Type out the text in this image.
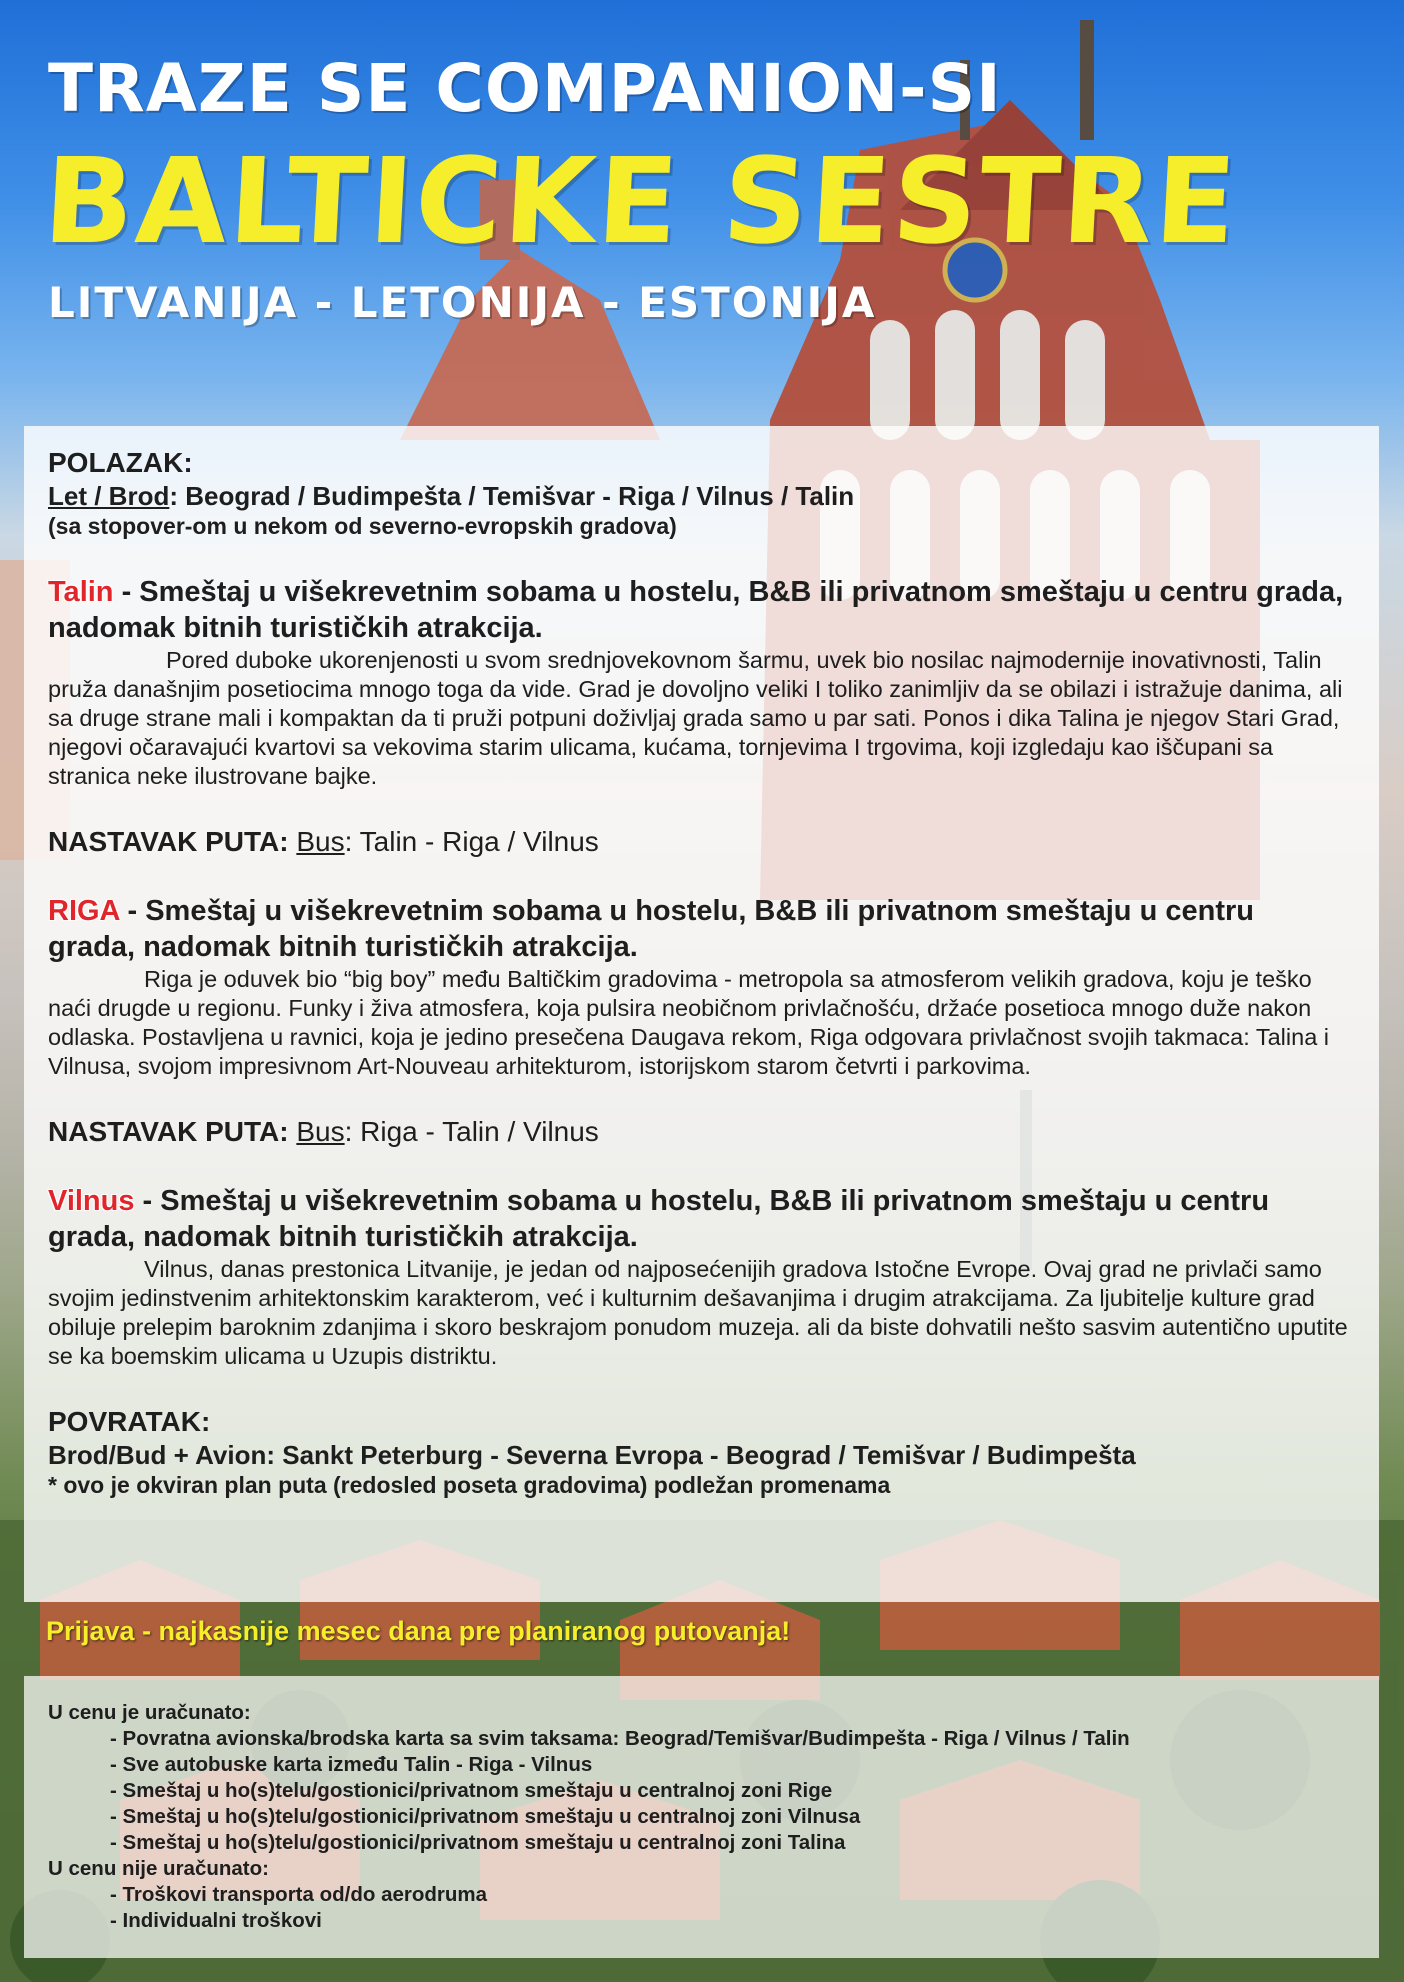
TRAZE SE COMPANION-SI
BALTICKE SESTRE
LITVANIJA - LETONIJA - ESTONIJA
POLAZAK:
Let / Brod: Beograd / Budimpešta / Temišvar - Riga / Vilnus / Talin
(sa stopover-om u nekom od severno-evropskih gradova)
Talin - Smeštaj u višekrevetnim sobama u hostelu, B&B ili privatnom smeštaju u centru grada, nadomak bitnih turističkih atrakcija.
Pored duboke ukorenjenosti u svom srednjovekovnom šarmu, uvek bio nosilac najmodernije inovativnosti, Talin pruža današnjim posetiocima mnogo toga da vide. Grad je dovoljno veliki I toliko zanimljiv da se obilazi i istražuje danima, ali sa druge strane mali i kompaktan da ti pruži potpuni doživljaj grada samo u par sati. Ponos i dika Talina je njegov Stari Grad, njegovi očaravajući kvartovi sa vekovima starim ulicama, kućama, tornjevima I trgovima, koji izgledaju kao iščupani sa stranica neke ilustrovane bajke.
NASTAVAK PUTA: Bus: Talin - Riga / Vilnus
RIGA - Smeštaj u višekrevetnim sobama u hostelu, B&B ili privatnom smeštaju u centru grada, nadomak bitnih turističkih atrakcija.
Riga je oduvek bio “big boy” među Baltičkim gradovima - metropola sa atmosferom velikih gradova, koju je teško naći drugde u regionu. Funky i živa atmosfera, koja pulsira neobičnom privlačnošću, držaće posetioca mnogo duže nakon odlaska. Postavljena u ravnici, koja je jedino presečena Daugava rekom, Riga odgovara privlačnost svojih takmaca: Talina i Vilnusa, svojom impresivnom Art-Nouveau arhitekturom, istorijskom starom četvrti i parkovima.
NASTAVAK PUTA: Bus: Riga - Talin / Vilnus
Vilnus - Smeštaj u višekrevetnim sobama u hostelu, B&B ili privatnom smeštaju u centru grada, nadomak bitnih turističkih atrakcija.
Vilnus, danas prestonica Litvanije, je jedan od najposećenijih gradova Istočne Evrope. Ovaj grad ne privlači samo svojim jedinstvenim arhitektonskim karakterom, već i kulturnim dešavanjima i drugim atrakcijama. Za ljubitelje kulture grad obiluje prelepim baroknim zdanjima i skoro beskrajom ponudom muzeja. ali da biste dohvatili nešto sasvim autentično uputite se ka boemskim ulicama u Uzupis distriktu.
POVRATAK:
Brod/Bud + Avion: Sankt Peterburg - Severna Evropa - Beograd / Temišvar / Budimpešta
* ovo je okviran plan puta (redosled poseta gradovima) podležan promenama
Prijava - najkasnije mesec dana pre planiranog putovanja!
U cenu je uračunato:
- Povratna avionska/brodska karta sa svim taksama: Beograd/Temišvar/Budimpešta - Riga / Vilnus / Talin
- Sve autobuske karta između Talin - Riga - Vilnus
- Smeštaj u ho(s)telu/gostionici/privatnom smeštaju u centralnoj zoni Rige
- Smeštaj u ho(s)telu/gostionici/privatnom smeštaju u centralnoj zoni Vilnusa
- Smeštaj u ho(s)telu/gostionici/privatnom smeštaju u centralnoj zoni Talina
U cenu nije uračunato:
- Troškovi transporta od/do aerodruma
- Individualni troškovi
